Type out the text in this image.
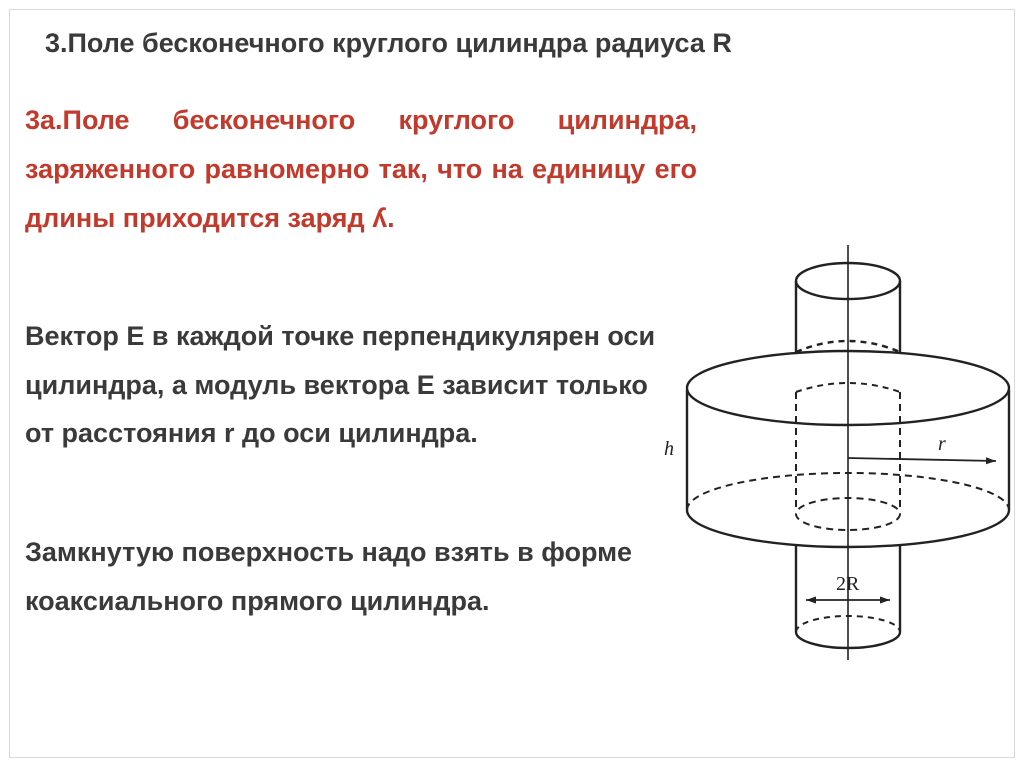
3.Поле бесконечного круглого цилиндра радиуса R
3а.Поле бесконечного круглого цилиндра, заряженного равномерно так, что на единицу его длины приходится заряд ʎ.
Вектор Е в каждой точке перпендикулярен оси цилиндра, а модуль вектора Е зависит только от расстояния r до оси цилиндра.
Замкнутую поверхность надо взять в форме коаксиального прямого цилиндра.
h	r
2R
